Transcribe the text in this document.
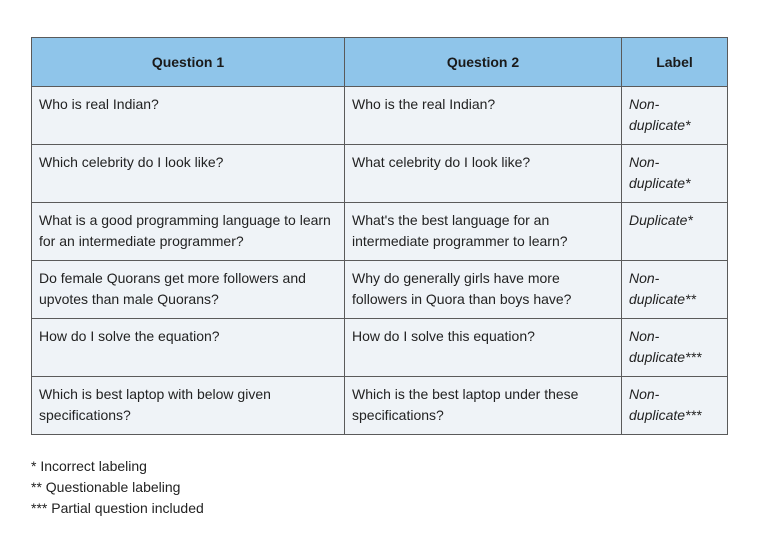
Question 1	Question 2	Label
Who is real Indian?	Who is the real Indian?	Non-
duplicate*

Which celebrity do I look like?	What celebrity do I look like?	Non-
duplicate*

What is a good programming language to learn for an intermediate programmer?	What's the best language for an intermediate programmer to learn?	Duplicate*

Do female Quorans get more followers and upvotes than male Quorans?	Why do generally girls have more followers in Quora than boys have?	Non-
duplicate**

How do I solve the equation?	How do I solve this equation?	Non-
duplicate***

Which is best laptop with below given specifications?	Which is the best laptop under these specifications?	Non-
duplicate***
* Incorrect labeling
** Questionable labeling
*** Partial question included
